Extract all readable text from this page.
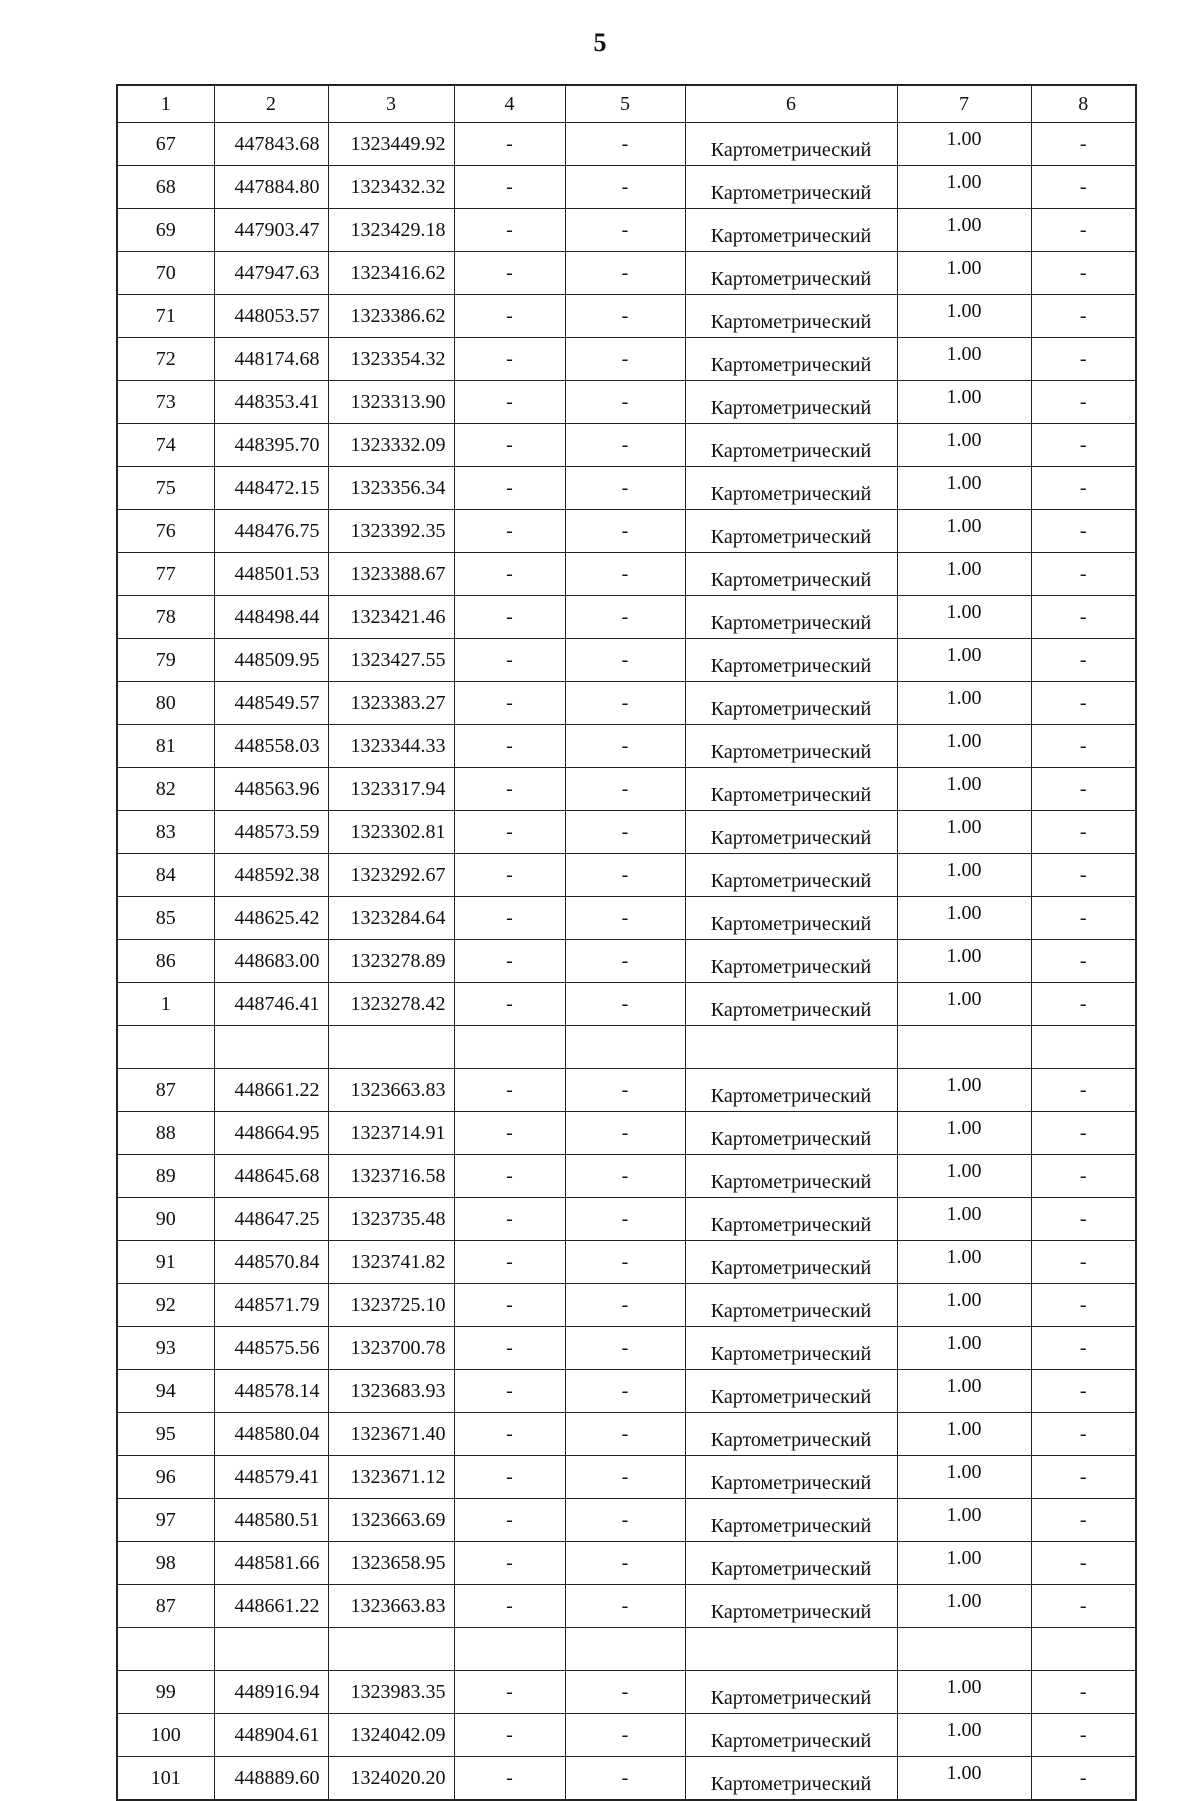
5
1	2	3	4	5	6	7	8
67	447843.68	1323449.92	-	-	Картометрический	1.00	-
68	447884.80	1323432.32	-	-	Картометрический	1.00	-
69	447903.47	1323429.18	-	-	Картометрический	1.00	-
70	447947.63	1323416.62	-	-	Картометрический	1.00	-
71	448053.57	1323386.62	-	-	Картометрический	1.00	-
72	448174.68	1323354.32	-	-	Картометрический	1.00	-
73	448353.41	1323313.90	-	-	Картометрический	1.00	-
74	448395.70	1323332.09	-	-	Картометрический	1.00	-
75	448472.15	1323356.34	-	-	Картометрический	1.00	-
76	448476.75	1323392.35	-	-	Картометрический	1.00	-
77	448501.53	1323388.67	-	-	Картометрический	1.00	-
78	448498.44	1323421.46	-	-	Картометрический	1.00	-
79	448509.95	1323427.55	-	-	Картометрический	1.00	-
80	448549.57	1323383.27	-	-	Картометрический	1.00	-
81	448558.03	1323344.33	-	-	Картометрический	1.00	-
82	448563.96	1323317.94	-	-	Картометрический	1.00	-
83	448573.59	1323302.81	-	-	Картометрический	1.00	-
84	448592.38	1323292.67	-	-	Картометрический	1.00	-
85	448625.42	1323284.64	-	-	Картометрический	1.00	-
86	448683.00	1323278.89	-	-	Картометрический	1.00	-
1	448746.41	1323278.42	-	-	Картометрический	1.00	-

87	448661.22	1323663.83	-	-	Картометрический	1.00	-
88	448664.95	1323714.91	-	-	Картометрический	1.00	-
89	448645.68	1323716.58	-	-	Картометрический	1.00	-
90	448647.25	1323735.48	-	-	Картометрический	1.00	-
91	448570.84	1323741.82	-	-	Картометрический	1.00	-
92	448571.79	1323725.10	-	-	Картометрический	1.00	-
93	448575.56	1323700.78	-	-	Картометрический	1.00	-
94	448578.14	1323683.93	-	-	Картометрический	1.00	-
95	448580.04	1323671.40	-	-	Картометрический	1.00	-
96	448579.41	1323671.12	-	-	Картометрический	1.00	-
97	448580.51	1323663.69	-	-	Картометрический	1.00	-
98	448581.66	1323658.95	-	-	Картометрический	1.00	-
87	448661.22	1323663.83	-	-	Картометрический	1.00	-

99	448916.94	1323983.35	-	-	Картометрический	1.00	-
100	448904.61	1324042.09	-	-	Картометрический	1.00	-
101	448889.60	1324020.20	-	-	Картометрический	1.00	-
